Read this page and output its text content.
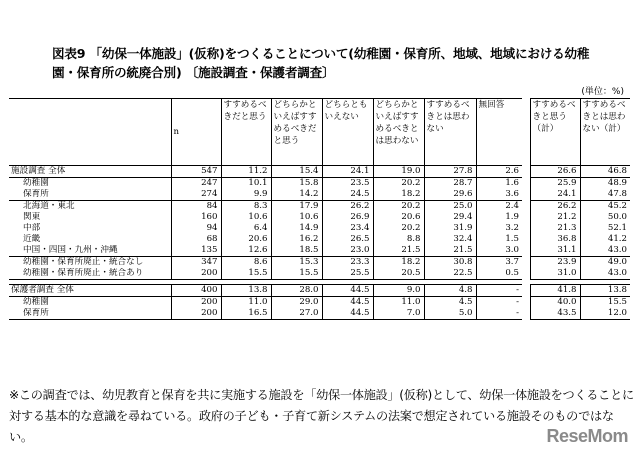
図表9 「幼保一体施設」(仮称)をつくることについて(幼稚園・保育所、地域、地域における幼稚園・保育所の統廃合別) 〔施設調査・保護者調査〕
(単位：%)
	n	すすめるべきだと思う	どちらかといえばすすめるべきだと思う	どちらともいえない	どちらかといえばすすめるべきとは思わない	すすめるべきとは思わない	無回答		すすめるべきと思う（計）	すすめるべきとは思わない（計）
施設調査 全体	547	11.2	15.4	24.1	19.0	27.8	2.6		26.6	46.8
幼稚園	247	10.1	15.8	23.5	20.2	28.7	1.6		25.9	48.9
保育所	274	9.9	14.2	24.5	18.2	29.6	3.6		24.1	47.8
北海道・東北	84	8.3	17.9	26.2	20.2	25.0	2.4		26.2	45.2
関東	160	10.6	10.6	26.9	20.6	29.4	1.9		21.2	50.0
中部	94	6.4	14.9	23.4	20.2	31.9	3.2		21.3	52.1
近畿	68	20.6	16.2	26.5	8.8	32.4	1.5		36.8	41.2
中国・四国・九州・沖縄	135	12.6	18.5	23.0	21.5	21.5	3.0		31.1	43.0
幼稚園・保育所廃止・統合なし	347	8.6	15.3	23.3	18.2	30.8	3.7		23.9	49.0
幼稚園・保育所廃止・統合あり	200	15.5	15.5	25.5	20.5	22.5	0.5		31.0	43.0

保護者調査 全体	400	13.8	28.0	44.5	9.0	4.8	-		41.8	13.8
幼稚園	200	11.0	29.0	44.5	11.0	4.5	-		40.0	15.5
保育所	200	16.5	27.0	44.5	7.0	5.0	-		43.5	12.0
※この調査では、幼児教育と保育を共に実施する施設を「幼保一体施設」(仮称)として、幼保一体施設をつくることに対する基本的な意識を尋ねている。政府の子ども・子育て新システムの法案で想定されている施設そのものではない。	ReseMom
